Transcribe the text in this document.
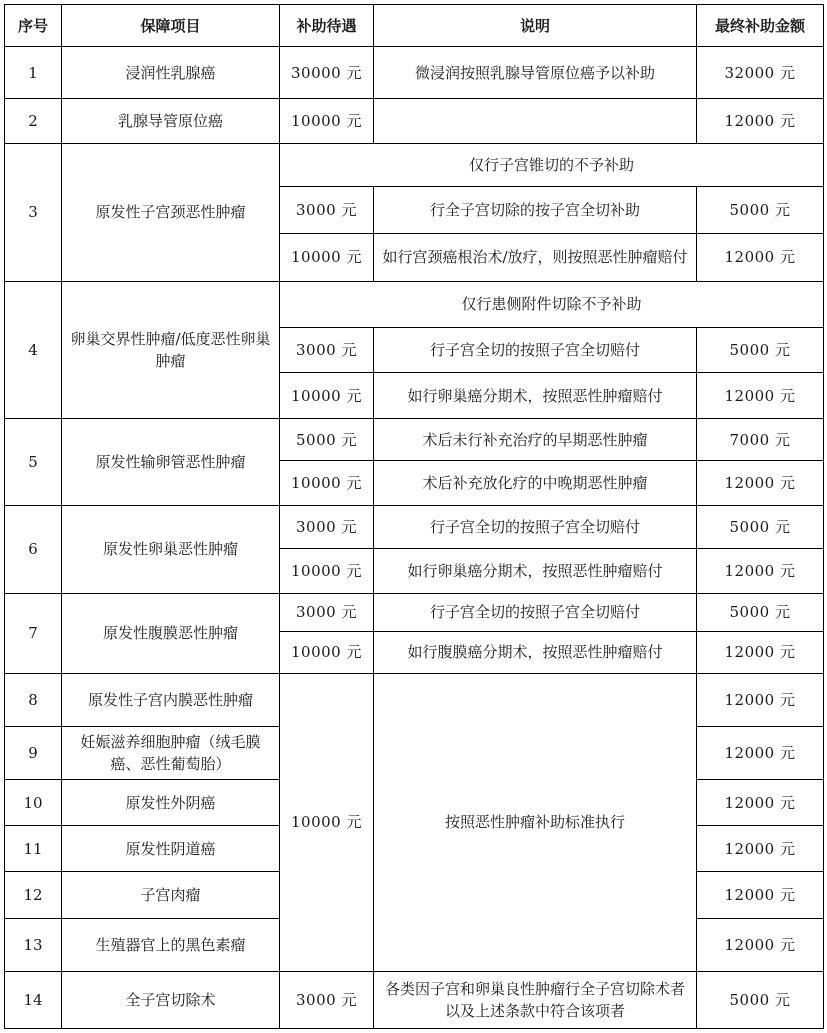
序号	保障项目	补助待遇	说明	最终补助金额
1	浸润性乳腺癌	30000 元	微浸润按照乳腺导管原位癌予以补助	32000 元
2	乳腺导管原位癌	10000 元		12000 元
3	原发性子宫颈恶性肿瘤	仅行子宫锥切的不予补助		
		3000 元	行全子宫切除的按子宫全切补助	5000 元
		10000 元	如行宫颈癌根治术/放疗，则按照恶性肿瘤赔付	12000 元
4	卵巢交界性肿瘤/低度恶性卵巢肿瘤	仅行患侧附件切除不予补助		
		3000 元	行子宫全切的按照子宫全切赔付	5000 元
		10000 元	如行卵巢癌分期术，按照恶性肿瘤赔付	12000 元
5	原发性输卵管恶性肿瘤	5000 元	术后未行补充治疗的早期恶性肿瘤	7000 元
		10000 元	术后补充放化疗的中晚期恶性肿瘤	12000 元
6	原发性卵巢恶性肿瘤	3000 元	行子宫全切的按照子宫全切赔付	5000 元
		10000 元	如行卵巢癌分期术，按照恶性肿瘤赔付	12000 元
7	原发性腹膜恶性肿瘤	3000 元	行子宫全切的按照子宫全切赔付	5000 元
		10000 元	如行腹膜癌分期术，按照恶性肿瘤赔付	12000 元
8	原发性子宫内膜恶性肿瘤	10000 元	按照恶性肿瘤补助标准执行	12000 元
9	妊娠滋养细胞肿瘤（绒毛膜癌、恶性葡萄胎）			12000 元
10	原发性外阴癌			12000 元
11	原发性阴道癌			12000 元
12	子宫肉瘤			12000 元
13	生殖器官上的黑色素瘤			12000 元
14	全子宫切除术	3000 元	各类因子宫和卵巢良性肿瘤行全子宫切除术者以及上述条款中符合该项者	5000 元
